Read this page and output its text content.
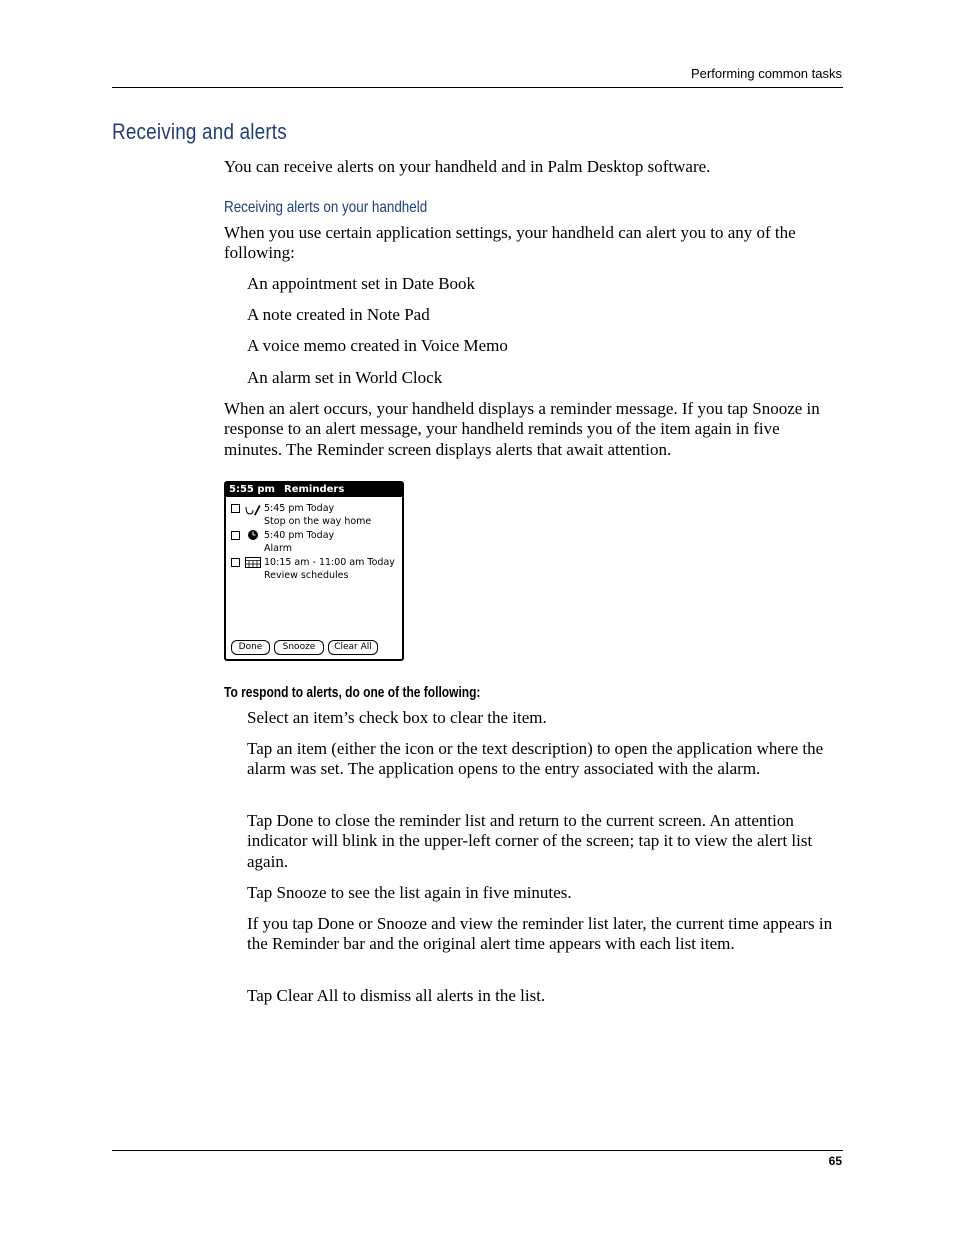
Performing common tasks
Receiving and alerts

You can receive alerts on your handheld and in Palm Desktop software.

Receiving alerts on your handheld

When you use certain application settings, your handheld can alert you to any of the following:

An appointment set in Date Book

A note created in Note Pad

A voice memo created in Voice Memo

An alarm set in World Clock

When an alert occurs, your handheld displays a reminder message. If you tap Snooze in response to an alert message, your handheld reminds you of the item again in five minutes. The Reminder screen displays alerts that await attention.

5:55 pm Reminders
5:45 pm Today
Stop on the way home
5:40 pm Today
Alarm
10:15 am - 11:00 am Today
Review schedules
Done	Snooze	Clear All
To respond to alerts, do one of the following:

Select an item’s check box to clear the item.

Tap an item (either the icon or the text description) to open the application where the alarm was set. The application opens to the entry associated with the alarm.

Tap Done to close the reminder list and return to the current screen. An attention indicator will blink in the upper-left corner of the screen; tap it to view the alert list again.

Tap Snooze to see the list again in five minutes.

If you tap Done or Snooze and view the reminder list later, the current time appears in the Reminder bar and the original alert time appears with each list item.

Tap Clear All to dismiss all alerts in the list.

65
